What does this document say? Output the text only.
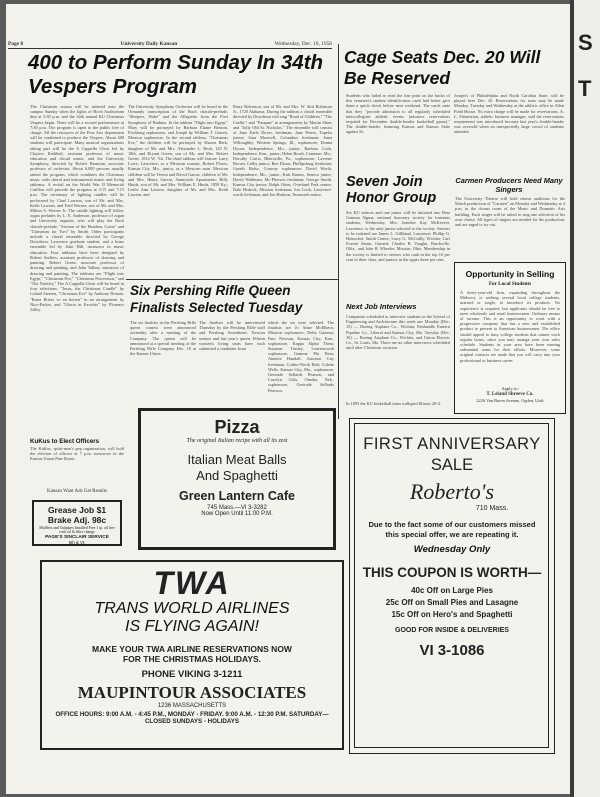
S
T
Page 8	University Daily Kansan	Wednesday, Dec. 10, 1958
400 to Perform Sunday In 34th Vespers Program
The Christmas season will be ushered onto the campus Sunday when the lights of Hoch Auditorium dim at 3:30 p.m. and the 34th annual KU Christmas Vespers begin. There will be a second performance at 7:30 p.m. The program is open to the public free of charge. All the resources of the Fine Arts department will be combined to produce the Vespers. About 400 students will participate. Many musical organizations taking part will be the A Cappella Choir led by Clayton Krehbiel, assistant professor of music education and choral music, and the University Symphony, directed by Robert Baustian, associate professor of orchestra. About 6,000 persons usually attend the program, which combines the Christmas music with choral and instrumental music and living tableaux. A recital on the World War II Memorial Carillon will precede the program at 3:15 and 7:15 p.m. The ceremony of lighting candles will be performed by Chad Lawson, son of Mr. and Mrs. Keith Lawson, and Fred Werner, son of Mr. and Mrs. Milton S. Werner Jr. The candle lighting will follow organ preludes by L. E. Anderson, professor of organ and University organist, who will play the Bach chorale-prelude, "Saviour of the Heathen, Come" and "Christmas for Two" by Smith. Other participants include a choral ensemble directed by George Dowdison, Lawrence graduate student, and a brass ensemble led by John Hill, instructor in music education. Four tableaux have been designed by Robert Sudlow, assistant professor of drawing and painting. Robert Green, associate professor of drawing and painting, and John Talleur, instructor of drawing and painting. The tableaux are "Flight into Egypt," "Christmas Eve," "Christmas Procession," and "The Nativity." The A Cappella Choir will be heard in four selections: "Jesus, the Christmas Candle" by Leland Sateren, "Christmas Eve" by Anthony Donato, "Rasta Briers vo en herren" in an arrangement by Nico-Parker, and "Gloria in Excelsis" by Florence Jolley.
The University Symphony Orchestra will be heard in the Ormandy transcription of the Bach chorale-prelude, "Sleepers, Wake" and the Allegretto from the First Symphony of Brahms. In the tableau "Flight into Egypt," Mary will be portrayed by Barbara Elaine Benson, Fitchburg sophomore, and Joseph by William T. Garrett, Mission sophomore. In the second tableau, "Christmas Eve," the children will be portrayed by Sharon Berk, daughter of Mr. and Mrs. Alexander L. Beck, 125 N. 18th, and Bryant Green, son of Mr. and Mrs. Robert Green, 1814 W. 7th. The third tableau will feature Larry Lowe, Lawrence, as a Mexican woman, Robert Flores, Kansas City, Mo., junior, as a Mexican man. Mexican children will be Teresa and David Garcia, children of Mr. and Mrs. Henry Garcia, Sunnyside Apartments; Billy Hinds, son of Mr. and Mrs. William E. Hinds, 1858 Ky.; Leslie Ann Lawton, daughter of Mr. and Mrs. Keith Lawton, and
Barry Robinson, son of Mr. and Mrs. W. Stitt Robinson Jr., 1720 Alabama. During the tableau a choral ensemble directed by Dowdison will sing "Road of Children," "The Cradle," and "Patapan" in arrangements by Martin Shaw and "Jolly Old St. Nicholas." The ensemble will consist of June Earle Dover, freshman; Jane Peters, Topeka junior; Sara Maxwell, Columbus freshman; Janet Willoughby, Western Springs, Ill., sophomore; Donna Dyson, Independence, Mo., junior; Barbara Cook, Independence, Kan., junior; Helen Brush, Cameron, Mo.; Dorothy Curtis, Blairsville, Pa., sophomore; Laverne Brown, Colby junior; Roe Dixon, Phillipsburg freshman; Gareth Hulse, Conway sophomore; David Worth, Independence, Mo., junior; Kirk Barnes, Seneca junior; David Waldman, Mc-Pherson freshman; George Smith, Kansas City junior; Ralph Otten, Overland Park senior; Dale Hedrick, Mission freshman; Jon Cook, Lawrence-worth freshman, and Jon Hudson, Tecumseh senior.
Cage Seats Dec. 20 Will Be Reserved
Students who failed to read the fine print on the backs of this semester's student identification cards had better give them a quick check before next weekend. The cards state that they "provide admission to all regularly scheduled intercollegiate athletic events (advance reservations required for December double-header basketball game)." The double-header, featuring Kansas and Kansas State against St.
Joseph's of Philadelphia and North Carolina State, will be played here Dec. 20. Reservations for seats may be made Monday, Tuesday and Wednesday at the athletic office in Allen Field House. No extra charge will be made for reservations. A. L. Fahnestion, athletic business manager, said the reservations requirement was introduced because last year's double-header was oversold when an unexpectedly large crowd of students attended.
Seven Join Honor Group
Six KU seniors and one junior will be initiated into Beta Gamma Sigma, national honorary society for business students, Wednesday. Mrs. Jeanette Kay McKeever, Lawrence, is the only junior selected to the society. Seniors to be initiated are James L. Gilliland, Lawrence; Phillip G. Heinschel, Smith Center; Larry G. McCullly, Wichita; Carl Everett Strain, Garnett; Charles B. Vaughn, Burdsville, Okla., and John H. Wheeler, Mission, Ohio. Membership in the society is limited to seniors who rank in the top 10 per cent of their class, and juniors in the upper three per cent.
Next Job Interviews
Companies scheduled to interview students in the School of Engineering and Architecture this week are: Monday (Dec. 15) — Boeing Airplane Co., Wichita; Panhandle Eastern Pipeline Co., Liberal and Kansas City, Mo. Tuesday (Dec. 16) — Boeing Airplane Co., Wichita, and Union Electric Co., St. Louis, Mo. There are no other interviews scheduled until after Christmas vacation.
In 1893 the KU basketball team walloped Illinois 28-4.
Carmen Producers Need Many Singers
The University Theatre will hold chorus auditions for the March production of "Carmen" on Monday and Wednesday at 4 p.m. in the chorus room of the Music and Dramatic Arts building. Each singer will be asked to sing one selection of his own choice. All types of singers are needed for the production, and are urged to try out.
Opportunity in Selling
For Local Students
A thirty-year-old firm, expanding throughout the Midwest, is seeking several local college students, married or single, to introduce its products. No experience is required, but applicants should be free to meet wholesale and retail businessmen. Ordinary means of income. This is an opportunity to work with a progressive company that has a new and established product to present to American businessmen. The office should appeal to busy college students that cannot work regular hours, since you may arrange your own sales schedule. Students in your area have been earning substantial sums for their efforts. Moreover, some original contacts are made that you will carry into your professional or business career.
Apply to:
T. Leland Shreeve Co.
2226 Van Buren Avenue, Ogden, Utah
Six Pershing Rifle Queen Finalists Selected Tuesday
The six finalists in the Pershing Rifle queen contest were announced yesterday after a meeting of the Company. The queen will be announced at a special meeting of the Pershing Rifle Company Dec. 18 at the Kansas Union.
The finalists will be interviewed Thursday by the Pershing Rifle staff and Pershing Sweetheart. Newton seniors and last year's queen. Fifteen women's living units have each submitted a candidate from
which the six were selected. The finalists are Jo Anne McElhern, Mission sophomore, Delta Gamma; Pam Newson, Kansas City, Kan., sophomore, Kappa Alpha Theta; Suzanne Tinsley, Leavenworth sophomore, Gamma Phi Beta; Annette Hundall, Junction City freshman, Corbin-North Hall; Colette Wells, Kansas City, Mo., sophomore, Gertrude Sellards Pearson, and Carolyn Gish, Omaha, Neb., sophomore, Gertrude Sellards Pearson.
Pizza
The original Italian recipe with all its zest
Italian Meat Balls
And Spaghetti
Green Lantern Cafe
745 Mass.—VI 3-3282
Now Open Until 11:00 P.M.
KuKus to Elect Officers
The KuKus, spirit-men's pep organization, will hold the election of officers at 7 p.m. tomorrow in the Kansas Union Pine Room.
Kansan Want Ads Get Results
Grease Job $1
Brake Adj. 98c
Mufflers and Tailpipes Installed Free 1 qt. oil free with oil & filter change
PAGE'S SINCLAIR SERVICE
6th & Vt.
TWA
TRANS WORLD AIRLINES
IS FLYING AGAIN!
MAKE YOUR TWA AIRLINE RESERVATIONS NOW
FOR THE CHRISTMAS HOLIDAYS.
PHONE VIKING 3-1211
MAUPINTOUR ASSOCIATES
1236 MASSACHUSETTS
OFFICE HOURS: 9:00 A.M. - 4:45 P.M., MONDAY - FRIDAY. 9:00 A.M. - 12:30 P.M. SATURDAY—CLOSED SUNDAYS - HOLIDAYS
FIRST ANNIVERSARY
SALE
Roberto's
710 Mass.
Due to the fact some of our customers missed this special offer, we are repeating it.
Wednesday Only
THIS COUPON IS WORTH—
40c Off on Large Pies
25c Off on Small Pies and Lasagne
15c Off on Hero's and Spaghetti
GOOD FOR INSIDE & DELIVERIES
VI 3-1086
